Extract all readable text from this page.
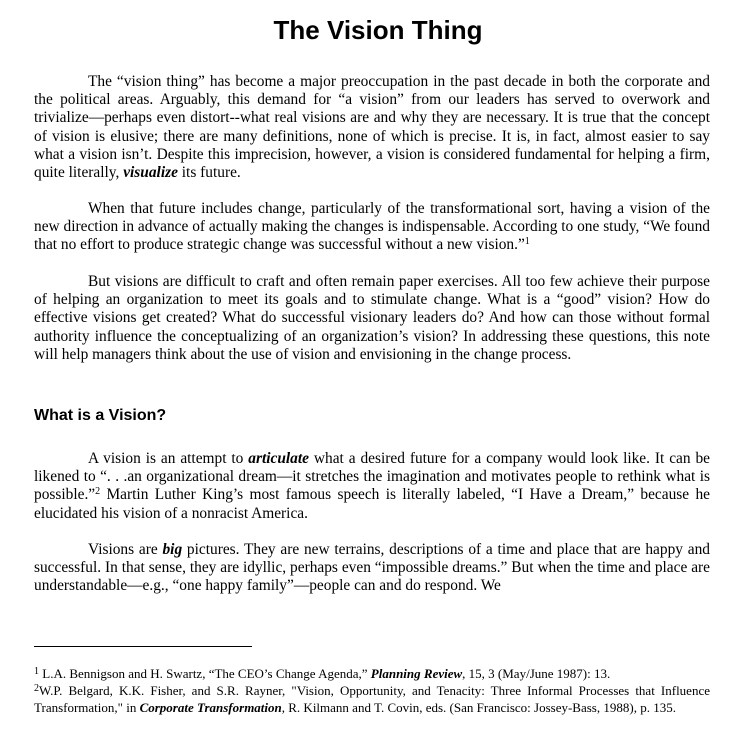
The Vision Thing

The “vision thing” has become a major preoccupation in the past decade in both the corporate and the political areas. Arguably, this demand for “a vision” from our leaders has served to overwork and trivialize—perhaps even distort--what real visions are and why they are necessary. It is true that the concept of vision is elusive; there are many definitions, none of which is precise. It is, in fact, almost easier to say what a vision isn’t. Despite this imprecision, however, a vision is considered fundamental for helping a firm, quite literally, visualize its future.

When that future includes change, particularly of the transformational sort, having a vision of the new direction in advance of actually making the changes is indispensable. According to one study, “We found that no effort to produce strategic change was successful without a new vision.”$^1$

But visions are difficult to craft and often remain paper exercises. All too few achieve their purpose of helping an organization to meet its goals and to stimulate change. What is a “good” vision? How do effective visions get created? What do successful visionary leaders do? And how can those without formal authority influence the conceptualizing of an organization’s vision? In addressing these questions, this note will help managers think about the use of vision and envisioning in the change process.

What is a Vision?

A vision is an attempt to articulate what a desired future for a company would look like. It can be likened to “. . .an organizational dream—it stretches the imagination and motivates people to rethink what is possible.”$^2$ Martin Luther King’s most famous speech is literally labeled, “I Have a Dream,” because he elucidated his vision of a nonracist America.

Visions are big pictures. They are new terrains, descriptions of a time and place that are happy and successful. In that sense, they are idyllic, perhaps even “impossible dreams.” But when the time and place are understandable—e.g., “one happy family”—people can and do respond. We

$^1$ L.A. Bennigson and H. Swartz, “The CEO’s Change Agenda,” Planning Review, 15, 3 (May/June 1987): 13.

$^2$W.P. Belgard, K.K. Fisher, and S.R. Rayner, "Vision, Opportunity, and Tenacity: Three Informal Processes that Influence Transformation," in Corporate Transformation, R. Kilmann and T. Covin, eds. (San Francisco: Jossey-Bass, 1988), p. 135.
